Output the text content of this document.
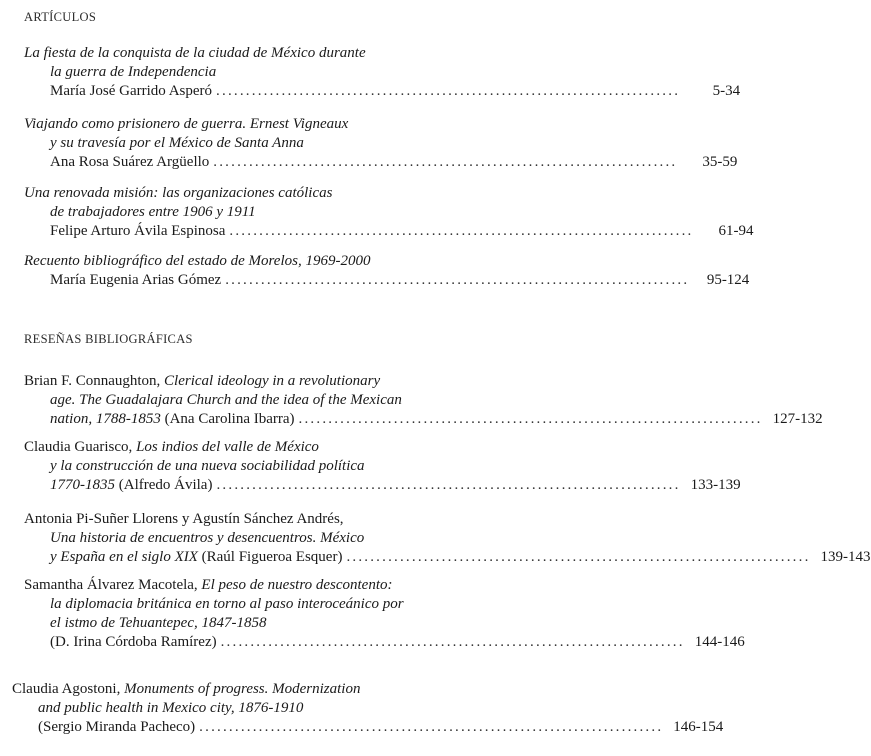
ARTÍCULOS
La fiesta de la conquista de la ciudad de México durante
la guerra de Independencia
María José Garrido Asperó ..............................................................................	5-34
Viajando como prisionero de guerra. Ernest Vigneaux
y su travesía por el México de Santa Anna
Ana Rosa Suárez Argüello ..............................................................................	35-59
Una renovada misión: las organizaciones católicas
de trabajadores entre 1906 y 1911
Felipe Arturo Ávila Espinosa ..............................................................................	61-94
Recuento bibliográfico del estado de Morelos, 1969-2000
María Eugenia Arias Gómez ..............................................................................	95-124
RESEÑAS BIBLIOGRÁFICAS
Brian F. Connaughton, Clerical ideology in a revolutionary
age. The Guadalajara Church and the idea of the Mexican
nation, 1788-1853 (Ana Carolina Ibarra) .............................................................................. 127-132
Claudia Guarisco, Los indios del valle de México
y la construcción de una nueva sociabilidad política
1770-1835 (Alfredo Ávila) .............................................................................. 133-139
Antonia Pi-Suñer Llorens y Agustín Sánchez Andrés,
Una historia de encuentros y desencuentros. México
y España en el siglo XIX (Raúl Figueroa Esquer) .............................................................................. 139-143
Samantha Álvarez Macotela, El peso de nuestro descontento:
la diplomacia británica en torno al paso interoceánico por
el istmo de Tehuantepec, 1847-1858
(D. Irina Córdoba Ramírez) .............................................................................. 144-146
Claudia Agostoni, Monuments of progress. Modernization
and public health in Mexico city, 1876-1910
(Sergio Miranda Pacheco) .............................................................................. 146-154
